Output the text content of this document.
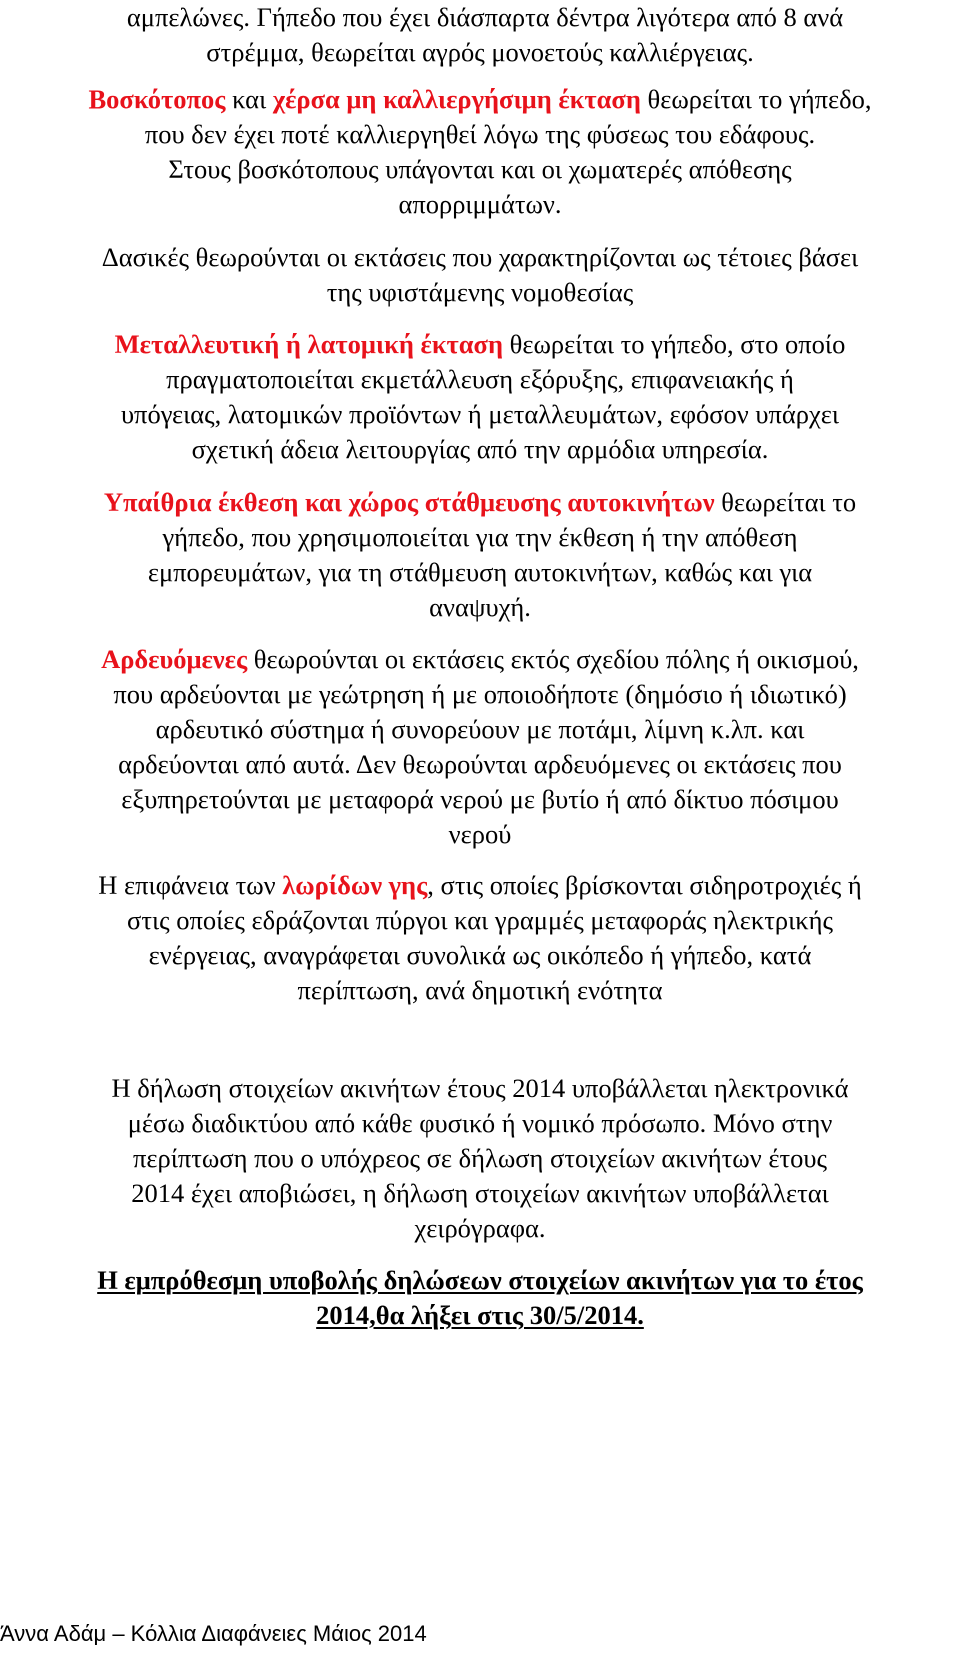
αμπελώνες. Γήπεδο που έχει διάσπαρτα δέντρα λιγότερα από 8 ανά
στρέμμα, θεωρείται αγρός μονοετούς καλλιέργειας.

Βοσκότοπος και χέρσα μη καλλιεργήσιμη έκταση θεωρείται το γήπεδο,
που δεν έχει ποτέ καλλιεργηθεί λόγω της φύσεως του εδάφους.
Στους βοσκότοπους υπάγονται και οι χωματερές απόθεσης
απορριμμάτων.

Δασικές θεωρούνται οι εκτάσεις που χαρακτηρίζονται ως τέτοιες βάσει
της υφιστάμενης νομοθεσίας

Μεταλλευτική ή λατομική έκταση θεωρείται το γήπεδο, στο οποίο
πραγματοποιείται εκμετάλλευση εξόρυξης, επιφανειακής ή
υπόγειας, λατομικών προϊόντων ή μεταλλευμάτων, εφόσον υπάρχει
σχετική άδεια λειτουργίας από την αρμόδια υπηρεσία.

Υπαίθρια έκθεση και χώρος στάθμευσης αυτοκινήτων θεωρείται το
γήπεδο, που χρησιμοποιείται για την έκθεση ή την απόθεση
εμπορευμάτων, για τη στάθμευση αυτοκινήτων, καθώς και για
αναψυχή.

Αρδευόμενες θεωρούνται οι εκτάσεις εκτός σχεδίου πόλης ή οικισμού,
που αρδεύονται με γεώτρηση ή με οποιοδήποτε (δημόσιο ή ιδιωτικό)
αρδευτικό σύστημα ή συνορεύουν με ποτάμι, λίμνη κ.λπ. και
αρδεύονται από αυτά. Δεν θεωρούνται αρδευόμενες οι εκτάσεις που
εξυπηρετούνται με μεταφορά νερού με βυτίο ή από δίκτυο πόσιμου
νερού

Η επιφάνεια των λωρίδων γης, στις οποίες βρίσκονται σιδηροτροχιές ή
στις οποίες εδράζονται πύργοι και γραμμές μεταφοράς ηλεκτρικής
ενέργειας, αναγράφεται συνολικά ως οικόπεδο ή γήπεδο, κατά
περίπτωση, ανά δημοτική ενότητα

Η δήλωση στοιχείων ακινήτων έτους 2014 υποβάλλεται ηλεκτρονικά
μέσω διαδικτύου από κάθε φυσικό ή νομικό πρόσωπο. Μόνο στην
περίπτωση που ο υπόχρεος σε δήλωση στοιχείων ακινήτων έτους
2014 έχει αποβιώσει, η δήλωση στοιχείων ακινήτων υποβάλλεται
χειρόγραφα.

Η εμπρόθεσμη υποβολής δηλώσεων στοιχείων ακινήτων για το έτος
2014,θα λήξει στις 30/5/2014.

Άννα Αδάμ – Κόλλια Διαφάνειες Μάιος 2014
